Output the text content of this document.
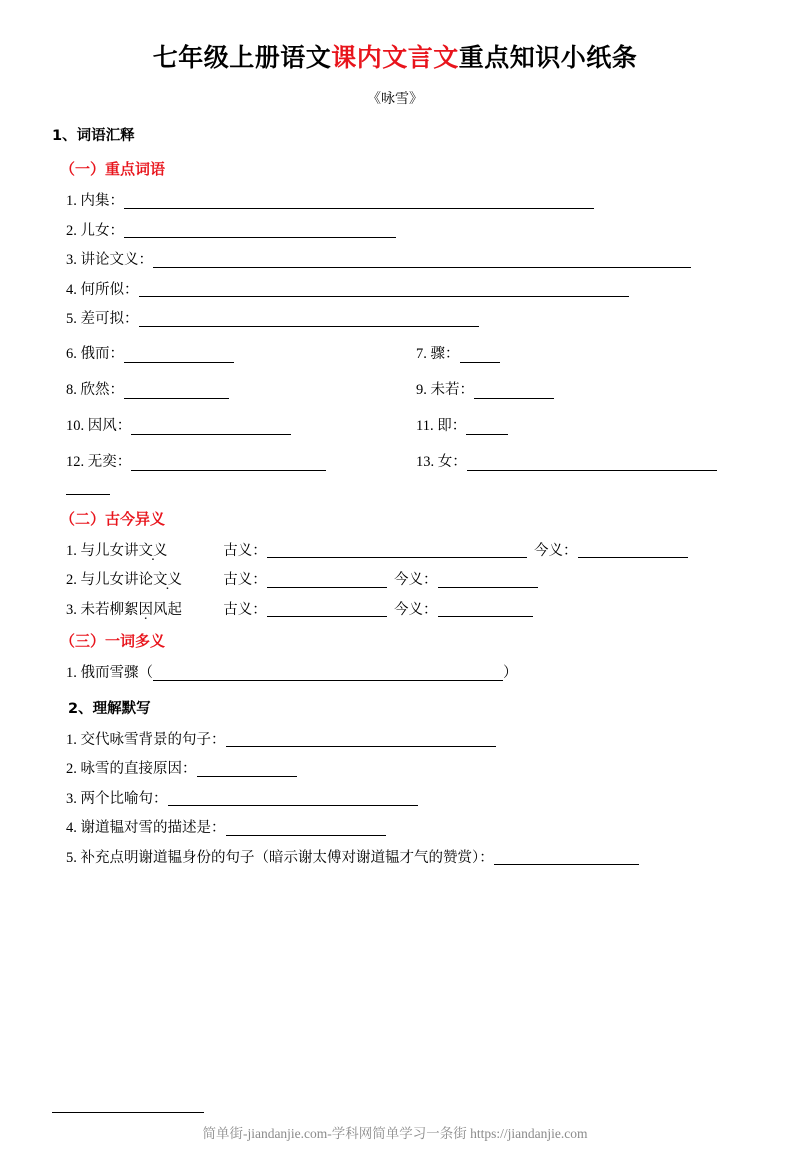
七年级上册语文课内文言文重点知识小纸条
《咏雪》
1、词语汇释
（一）重点词语
1. 内集：
2. 儿女：
3. 讲论文义：
4. 何所似：
5. 差可拟：
6. 俄而：	7. 骤：
8. 欣然：	9. 未若：
10. 因风：	11. 即：
12. 无奕：	13. 女：
（二）古今异义
1. 与儿女讲文义	古义：	今义：
2. 与儿女讲论文义	古义：	今义：
3. 未若柳絮因风起	古义：	今义：
（三）一词多义
1. 俄而雪骤（	）
2、理解默写
1. 交代咏雪背景的句子：
2. 咏雪的直接原因：
3. 两个比喻句：
4. 谢道韫对雪的描述是：
5. 补充点明谢道韫身份的句子（暗示谢太傅对谢道韫才气的赞赏）：
简单街-jiandanjie.com-学科网简单学习一条街 https://jiandanjie.com
